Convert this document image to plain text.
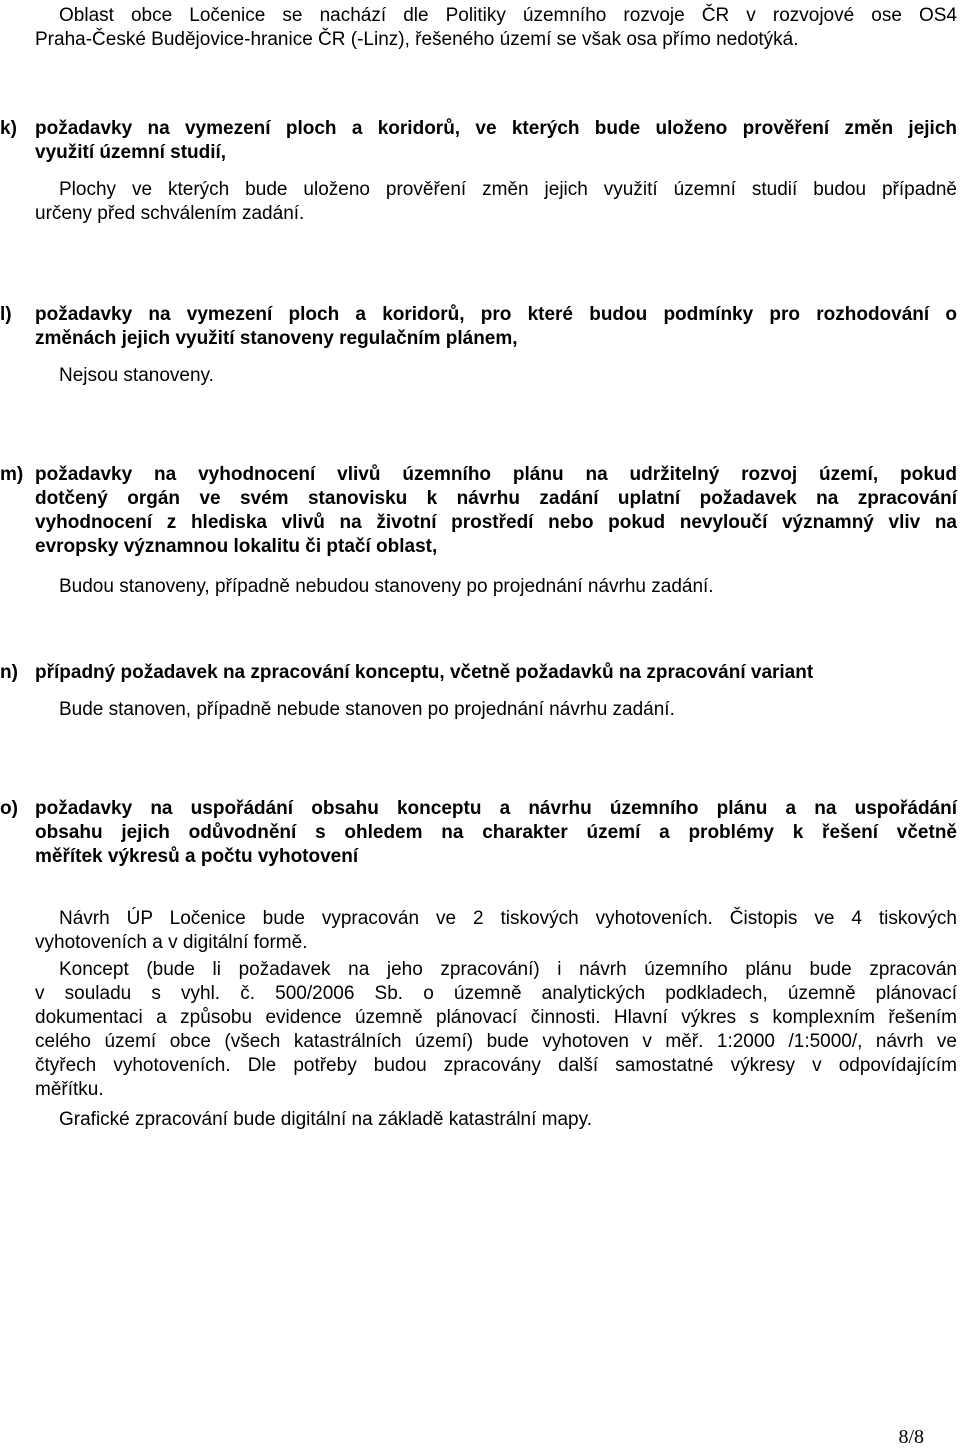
Oblast obce Ločenice se nachází dle Politiky územního rozvoje ČR v rozvojové ose OS4
Praha-České Budějovice-hranice ČR (-Linz), řešeného území se však osa přímo nedotýká.
k) požadavky na vymezení ploch a koridorů, ve kterých bude uloženo prověření změn jejich
využití územní studií,
Plochy ve kterých bude uloženo prověření změn jejich využití územní studií budou případně
určeny před schválením zadání.
l)	požadavky na vymezení ploch a koridorů, pro které budou podmínky pro rozhodování o
změnách jejich využití stanoveny regulačním plánem,
Nejsou stanoveny.
m) požadavky na vyhodnocení vlivů územního plánu na udržitelný rozvoj území, pokud
dotčený orgán ve svém stanovisku k návrhu zadání uplatní požadavek na zpracování
vyhodnocení z hlediska vlivů na životní prostředí nebo pokud nevyloučí významný vliv na
evropsky významnou lokalitu či ptačí oblast,
Budou stanoveny, případně nebudou stanoveny po projednání návrhu zadání.
n) případný požadavek na zpracování konceptu, včetně požadavků na zpracování variant
Bude stanoven, případně nebude stanoven po projednání návrhu zadání.
o) požadavky na uspořádání obsahu konceptu a návrhu územního plánu a na uspořádání
obsahu jejich odůvodnění s ohledem na charakter území a problémy k řešení včetně
měřítek výkresů a počtu vyhotovení
Návrh ÚP Ločenice bude vypracován ve 2 tiskových vyhotoveních. Čistopis ve 4 tiskových
vyhotoveních a v digitální formě.
Koncept (bude li požadavek na jeho zpracování) i návrh územního plánu bude zpracován
v souladu s vyhl. č. 500/2006 Sb. o územně analytických podkladech, územně plánovací
dokumentaci a způsobu evidence územně plánovací činnosti. Hlavní výkres s komplexním řešením
celého území obce (všech katastrálních území) bude vyhotoven v měř. 1:2000 /1:5000/, návrh ve
čtyřech vyhotoveních. Dle potřeby budou zpracovány další samostatné výkresy v odpovídajícím
měřítku.
Grafické zpracování bude digitální na základě katastrální mapy.
8/8
